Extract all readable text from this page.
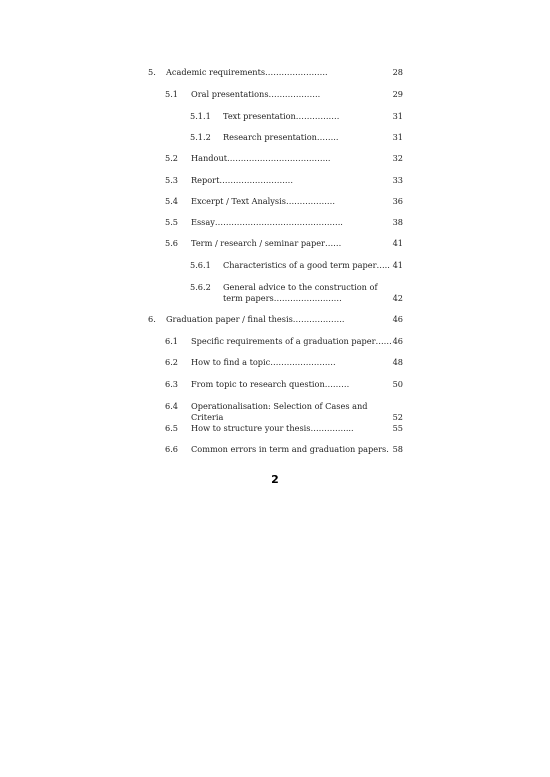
5. Academic requirements…………………..	28
5.1 Oral presentations……………….	29
5.1.1 Text presentation…………….	31
5.1.2 Research presentation……..	31
5.2 Handout………………………………..	32
5.3 Report………………………	33
5.4 Excerpt / Text Analysis………………	36
5.5 Essay………………………………………..	38
5.6 Term / research / seminar paper……	41
5.6.1 Characteristics of a good term paper….. 41
5.6.2 General advice to the construction of
term papers……………….……	42
6. Graduation paper / final thesis……………….	46
6.1 Specific requirements of a graduation paper…… 46
6.2 How to find a topic……………………	48
6.3 From topic to research question………	50
6.4 Operationalisation: Selection of Cases and
Criteria	52
6.5 How to structure your thesis…………....	55
6.6 Common errors in term and graduation papers. 58
2
